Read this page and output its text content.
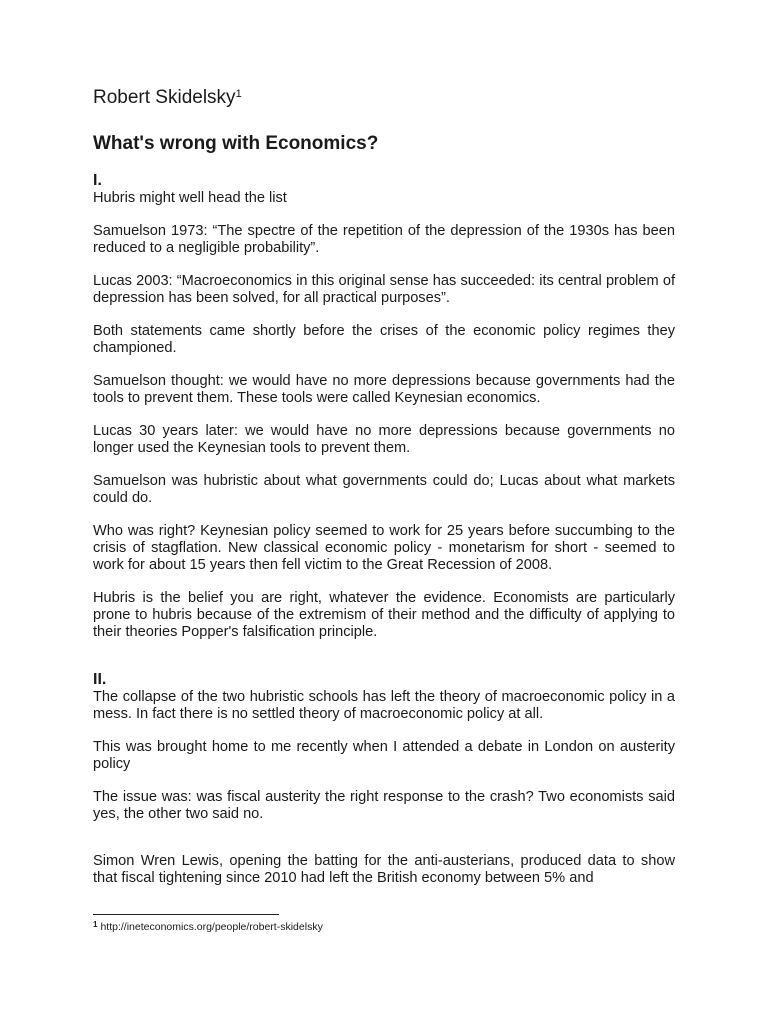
Robert Skidelsky$^1$
What's wrong with Economics?
I.

Hubris might well head the list

Samuelson 1973: “The spectre of the repetition of the depression of the 1930s has been reduced to a negligible probability”.

Lucas 2003: “Macroeconomics in this original sense has succeeded: its central problem of depression has been solved, for all practical purposes”.

Both statements came shortly before the crises of the economic policy regimes they championed.

Samuelson thought: we would have no more depressions because governments had the tools to prevent them. These tools were called Keynesian economics.

Lucas 30 years later: we would have no more depressions because governments no longer used the Keynesian tools to prevent them.

Samuelson was hubristic about what governments could do; Lucas about what markets could do.

Who was right? Keynesian policy seemed to work for 25 years before succumbing to the crisis of stagflation. New classical economic policy - monetarism for short - seemed to work for about 15 years then fell victim to the Great Recession of 2008.

Hubris is the belief you are right, whatever the evidence. Economists are particularly prone to hubris because of the extremism of their method and the difficulty of applying to their theories Popper's falsification principle.

II.

The collapse of the two hubristic schools has left the theory of macroeconomic policy in a mess. In fact there is no settled theory of macroeconomic policy at all.

This was brought home to me recently when I attended a debate in London on austerity policy

The issue was: was fiscal austerity the right response to the crash? Two economists said yes, the other two said no.

Simon Wren Lewis, opening the batting for the anti-austerians, produced data to show that fiscal tightening since 2010 had left the British economy between 5% and

$^1$ http://ineteconomics.org/people/robert-skidelsky
